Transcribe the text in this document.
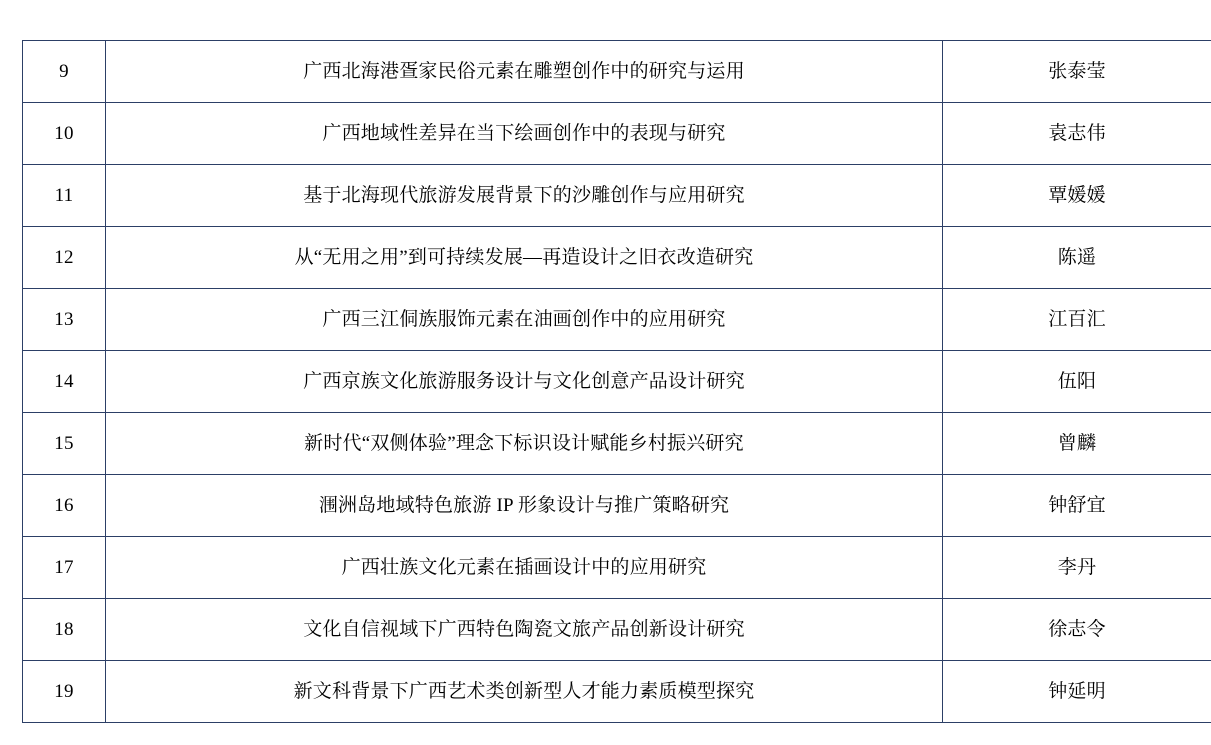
9	广西北海港疍家民俗元素在雕塑创作中的研究与运用	张泰莹

10	广西地域性差异在当下绘画创作中的表现与研究	袁志伟

11	基于北海现代旅游发展背景下的沙雕创作与应用研究	覃媛媛

12	从“无用之用”到可持续发展—再造设计之旧衣改造研究	陈遥

13	广西三江侗族服饰元素在油画创作中的应用研究	江百汇

14	广西京族文化旅游服务设计与文化创意产品设计研究	伍阳

15	新时代“双侧体验”理念下标识设计赋能乡村振兴研究	曾麟

16	涠洲岛地域特色旅游 IP 形象设计与推广策略研究	钟舒宜

17	广西壮族文化元素在插画设计中的应用研究	李丹

18	文化自信视域下广西特色陶瓷文旅产品创新设计研究	徐志令

19	新文科背景下广西艺术类创新型人才能力素质模型探究	钟延明
